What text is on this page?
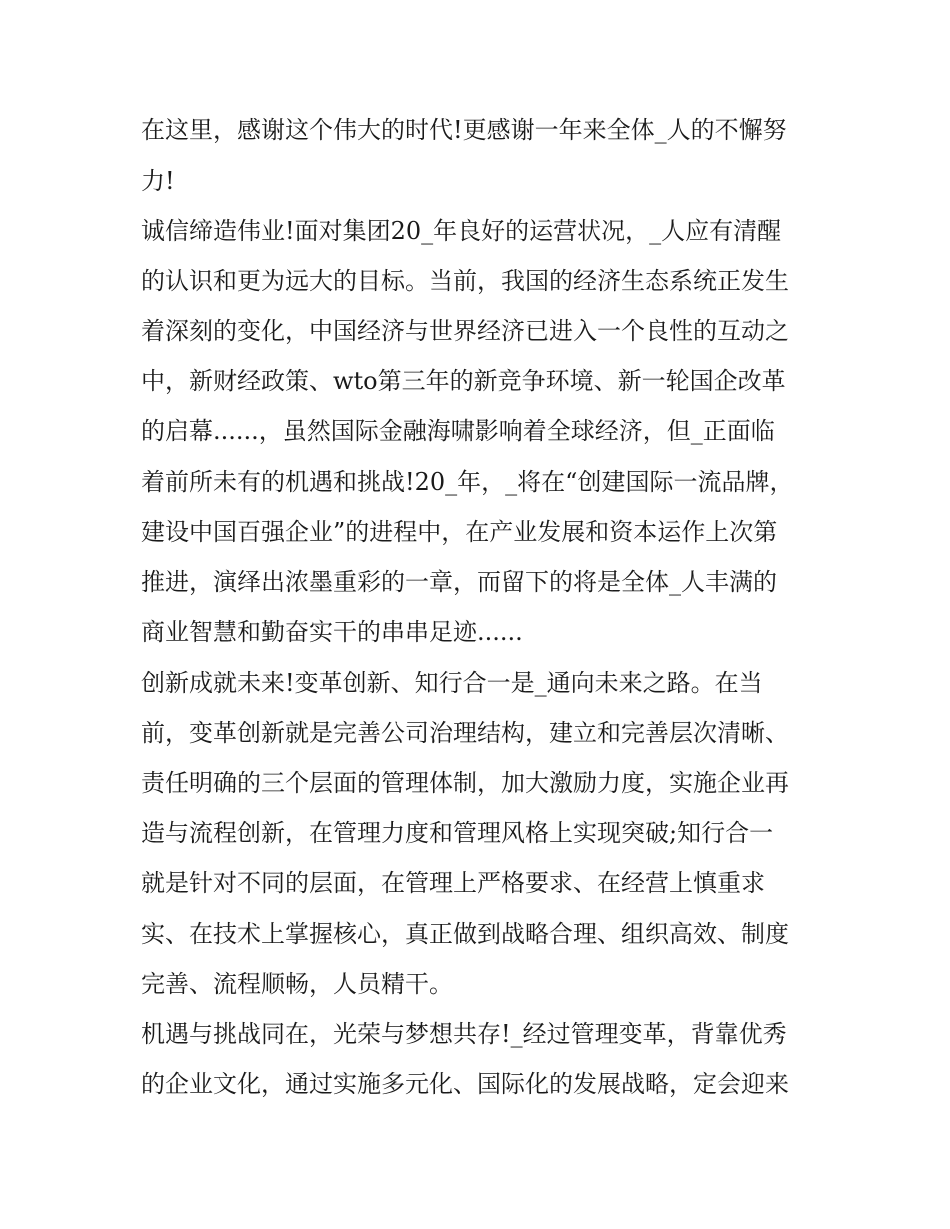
在这里，感谢这个伟大的时代!更感谢一年来全体_人的不懈努
力!
诚信缔造伟业!面对集团20_年良好的运营状况，_人应有清醒
的认识和更为远大的目标。当前，我国的经济生态系统正发生
着深刻的变化，中国经济与世界经济已进入一个良性的互动之
中，新财经政策、wto第三年的新竞争环境、新一轮国企改革
的启幕......，虽然国际金融海啸影响着全球经济，但_正面临
着前所未有的机遇和挑战!20_年，_将在“创建国际一流品牌，
建设中国百强企业”的进程中，在产业发展和资本运作上次第
推进，演绎出浓墨重彩的一章，而留下的将是全体_人丰满的
商业智慧和勤奋实干的串串足迹......
创新成就未来!变革创新、知行合一是_通向未来之路。在当
前，变革创新就是完善公司治理结构，建立和完善层次清晰、
责任明确的三个层面的管理体制，加大激励力度，实施企业再
造与流程创新，在管理力度和管理风格上实现突破;知行合一
就是针对不同的层面，在管理上严格要求、在经营上慎重求
实、在技术上掌握核心，真正做到战略合理、组织高效、制度
完善、流程顺畅，人员精干。
机遇与挑战同在，光荣与梦想共存!_经过管理变革，背靠优秀
的企业文化，通过实施多元化、国际化的发展战略，定会迎来
